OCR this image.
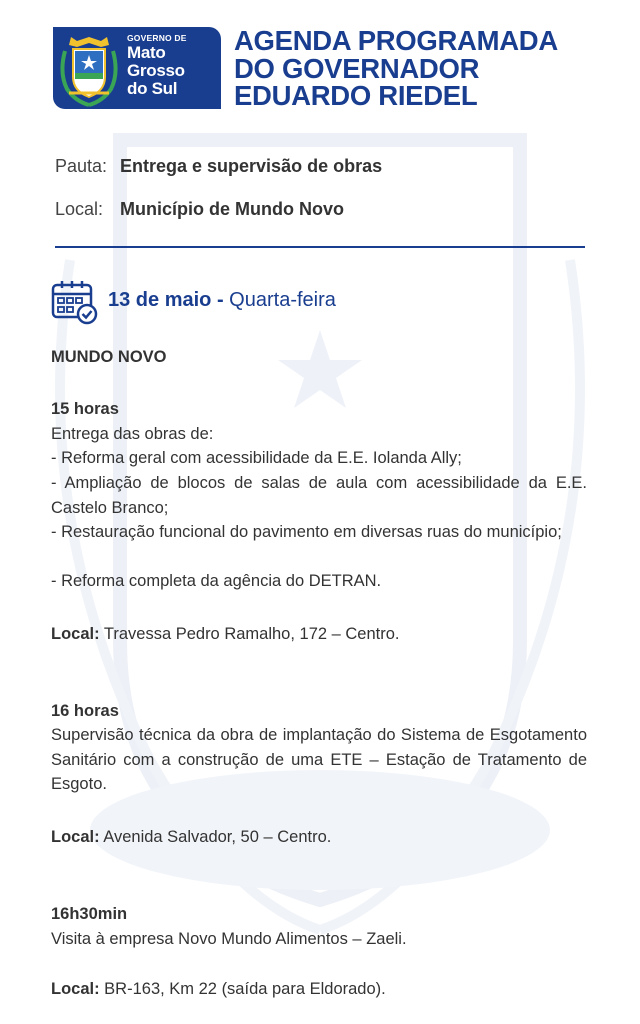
GOVERNO DE
Mato
Grosso
do Sul
AGENDA PROGRAMADA
DO GOVERNADOR
EDUARDO RIEDEL
Pauta: Entrega e supervisão de obras
Local: Município de Mundo Novo
13 de maio - Quarta-feira
MUNDO NOVO
15 horas
Entrega das obras de:
- Reforma geral com acessibilidade da E.E. Iolanda Ally;
- Ampliação de blocos de salas de aula com acessibilidade da E.E. Castelo Branco;
- Restauração funcional do pavimento em diversas ruas do município;
- Reforma completa da agência do DETRAN.
Local: Travessa Pedro Ramalho, 172 – Centro.
16 horas
Supervisão técnica da obra de implantação do Sistema de Esgotamento Sanitário com a construção de uma ETE – Estação de Tratamento de Esgoto.
Local: Avenida Salvador, 50 – Centro.
16h30min
Visita à empresa Novo Mundo Alimentos – Zaeli.
Local: BR-163, Km 22 (saída para Eldorado).
